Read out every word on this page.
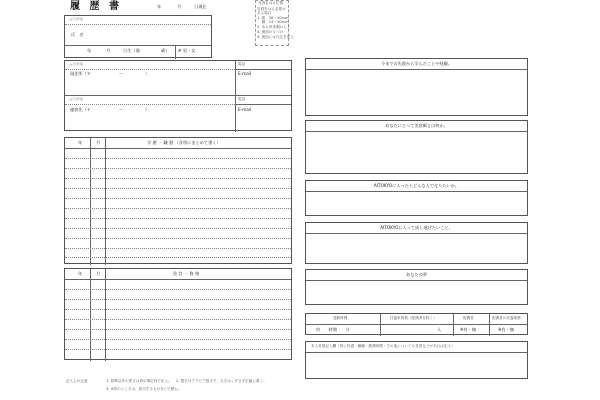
履 歴 書	年	月	日現在
写真をはる位置
写真をはる必要が
ある場合
1. 縦　36〜40mm
　 横　24〜30mm
2. 本人単身胸から上
3. 裏面のりづけ
4. 裏面には氏名を記入
ふりがな
氏　名
年	月	日生（満	歳） ※ 男・女
ふりがな
現住所（〒	ー	）
電話
E-mail
ふりがな
連絡先（〒	ー	）
電話
E-mail
年	月	学 歴 ・ 職 歴 （各別にまとめて書く）
年	月	免 許 ・ 資 格
記入上の注意	1. 鉛筆以外の黒又は青の筆記具で記入。 2. 数字はアラビア数字で、文字はくずさず正確に書く。
3. ※印のところは、該当するものを○で囲む。
今までの失敗から学んだことや経験。
あなたにとって美容師とは何か。
AITOKYOに入ったらどんな人で在りたいか。
AITOKYOに入って成し遂げたいこと。
あなたの夢
通勤時間
約　　時間　　分
扶養家族数（配偶者を除く）
人
配偶者
※有・無
配偶者の扶養義務
※有・無
本人希望記入欄（特に待遇・職種・勤務時間・その他についての希望などがあれば記入）
